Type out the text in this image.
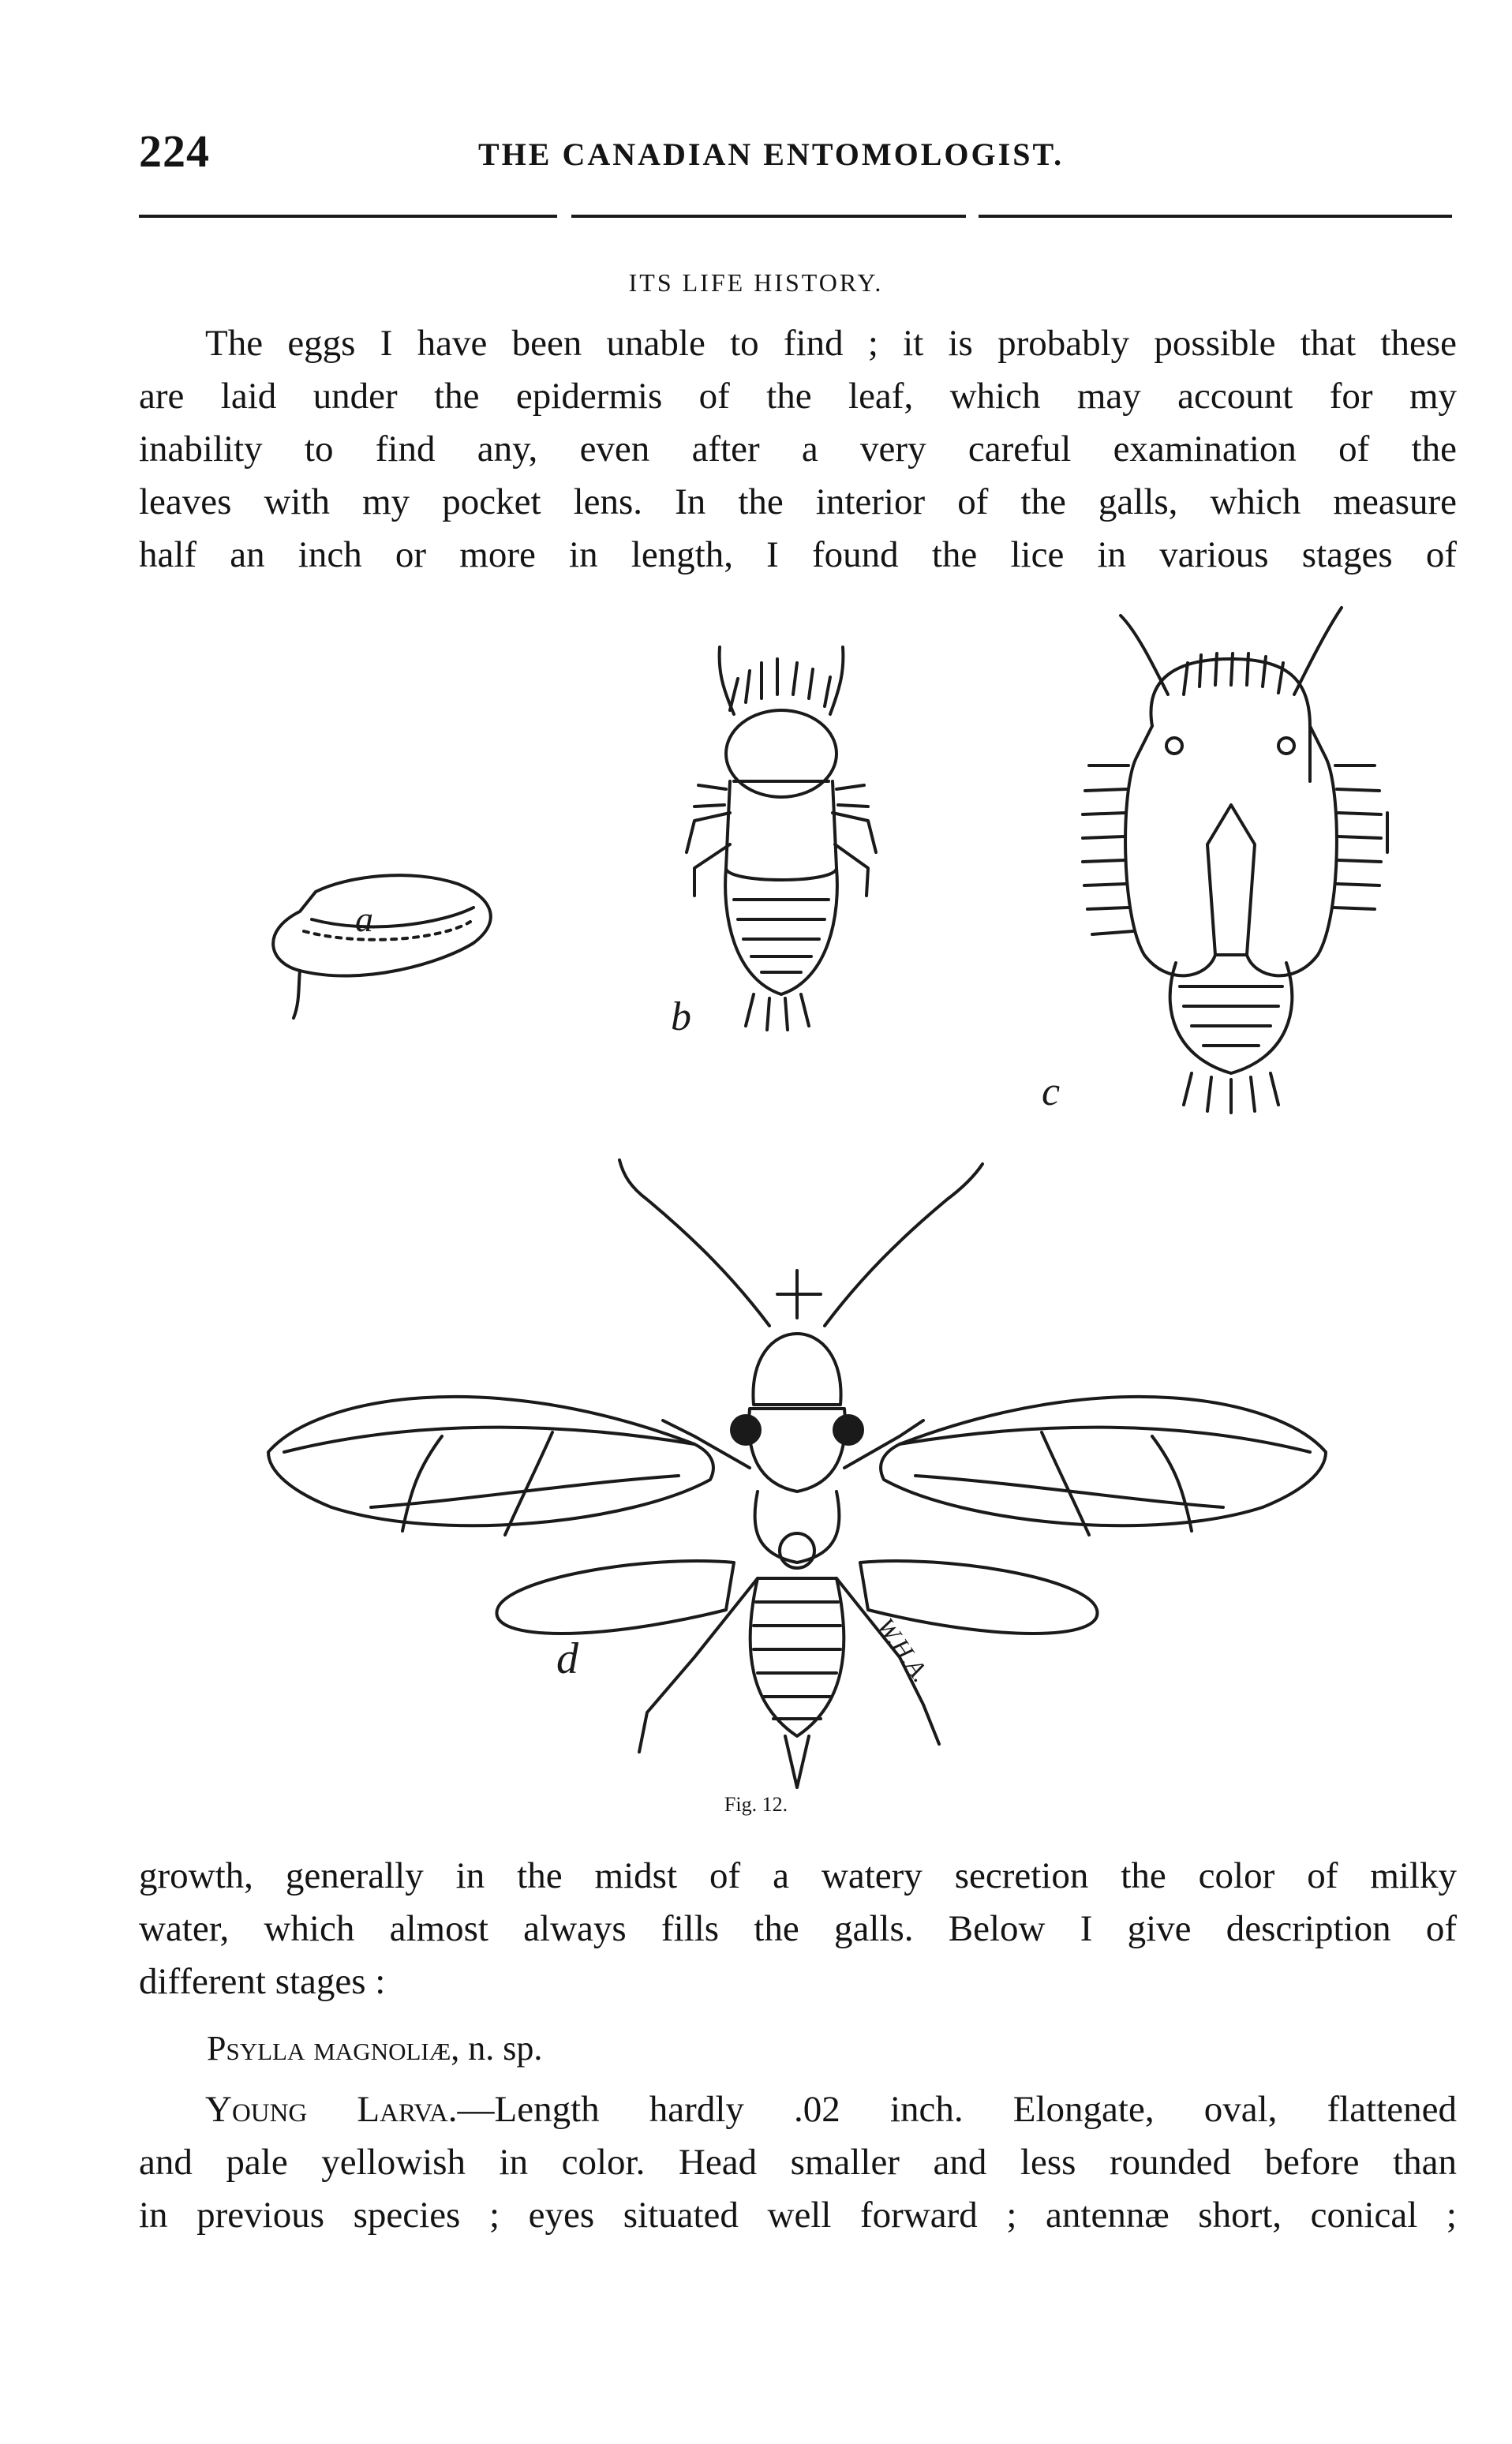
224	THE CANADIAN ENTOMOLOGIST.
ITS LIFE HISTORY.
The eggs I have been unable to find ; it is probably possible that these
are laid under the epidermis of the leaf, which may account for my
inability to find any, even after a very careful examination of the
leaves with my pocket lens. In the interior of the galls, which measure
half an inch or more in length, I found the lice in various stages of
a
b
c
d	W.H.A.
Fig. 12.
growth, generally in the midst of a watery secretion the color of milky
water, which almost always fills the galls. Below I give description of
different stages :
Psylla magnoliæ, n. sp.
Young Larva.—Length hardly .02 inch. Elongate, oval, flattened
and pale yellowish in color. Head smaller and less rounded before than
in previous species ; eyes situated well forward ; antennæ short, conical ;
